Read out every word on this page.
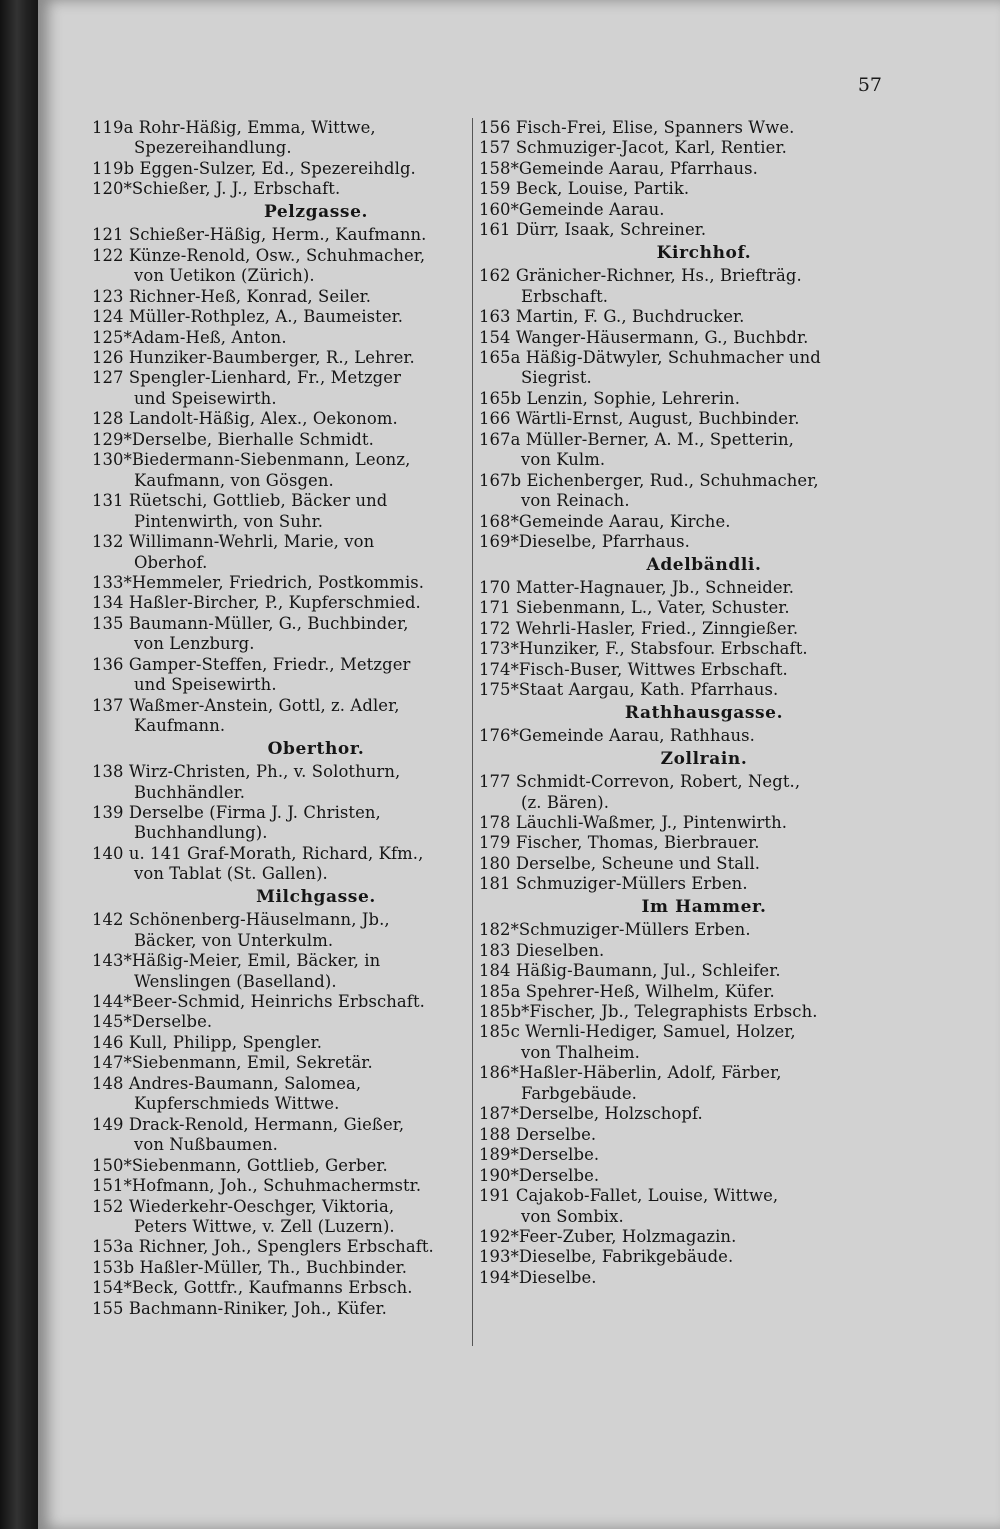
57
119a Rohr-Häßig, Emma, Wittwe,
Spezereihandlung.
119b Eggen-Sulzer, Ed., Spezereihdlg.
120*Schießer, J. J., Erbschaft.
Pelzgasse.
121 Schießer-Häßig, Herm., Kaufmann.
122 Künze-Renold, Osw., Schuhmacher,
von Uetikon (Zürich).
123 Richner-Heß, Konrad, Seiler.
124 Müller-Rothplez, A., Baumeister.
125*Adam-Heß, Anton.
126 Hunziker-Baumberger, R., Lehrer.
127 Spengler-Lienhard, Fr., Metzger
und Speisewirth.
128 Landolt-Häßig, Alex., Oekonom.
129*Derselbe, Bierhalle Schmidt.
130*Biedermann-Siebenmann, Leonz,
Kaufmann, von Gösgen.
131 Rüetschi, Gottlieb, Bäcker und
Pintenwirth, von Suhr.
132 Willimann-Wehrli, Marie, von
Oberhof.
133*Hemmeler, Friedrich, Postkommis.
134 Haßler-Bircher, P., Kupferschmied.
135 Baumann-Müller, G., Buchbinder,
von Lenzburg.
136 Gamper-Steffen, Friedr., Metzger
und Speisewirth.
137 Waßmer-Anstein, Gottl, z. Adler,
Kaufmann.
Oberthor.
138 Wirz-Christen, Ph., v. Solothurn,
Buchhändler.
139 Derselbe (Firma J. J. Christen,
Buchhandlung).
140 u. 141 Graf-Morath, Richard, Kfm.,
von Tablat (St. Gallen).
Milchgasse.
142 Schönenberg-Häuselmann, Jb.,
Bäcker, von Unterkulm.
143*Häßig-Meier, Emil, Bäcker, in
Wenslingen (Baselland).
144*Beer-Schmid, Heinrichs Erbschaft.
145*Derselbe.
146 Kull, Philipp, Spengler.
147*Siebenmann, Emil, Sekretär.
148 Andres-Baumann, Salomea,
Kupferschmieds Wittwe.
149 Drack-Renold, Hermann, Gießer,
von Nußbaumen.
150*Siebenmann, Gottlieb, Gerber.
151*Hofmann, Joh., Schuhmachermstr.
152 Wiederkehr-Oeschger, Viktoria,
Peters Wittwe, v. Zell (Luzern).
153a Richner, Joh., Spenglers Erbschaft.
153b Haßler-Müller, Th., Buchbinder.
154*Beck, Gottfr., Kaufmanns Erbsch.
155 Bachmann-Riniker, Joh., Küfer.
156 Fisch-Frei, Elise, Spanners Wwe.
157 Schmuziger-Jacot, Karl, Rentier.
158*Gemeinde Aarau, Pfarrhaus.
159 Beck, Louise, Partik.
160*Gemeinde Aarau.
161 Dürr, Isaak, Schreiner.
Kirchhof.
162 Gränicher-Richner, Hs., Briefträg.
Erbschaft.
163 Martin, F. G., Buchdrucker.
154 Wanger-Häusermann, G., Buchbdr.
165a Häßig-Dätwyler, Schuhmacher und
Siegrist.
165b Lenzin, Sophie, Lehrerin.
166 Wärtli-Ernst, August, Buchbinder.
167a Müller-Berner, A. M., Spetterin,
von Kulm.
167b Eichenberger, Rud., Schuhmacher,
von Reinach.
168*Gemeinde Aarau, Kirche.
169*Dieselbe, Pfarrhaus.
Adelbändli.
170 Matter-Hagnauer, Jb., Schneider.
171 Siebenmann, L., Vater, Schuster.
172 Wehrli-Hasler, Fried., Zinngießer.
173*Hunziker, F., Stabsfour. Erbschaft.
174*Fisch-Buser, Wittwes Erbschaft.
175*Staat Aargau, Kath. Pfarrhaus.
Rathhausgasse.
176*Gemeinde Aarau, Rathhaus.
Zollrain.
177 Schmidt-Correvon, Robert, Negt.,
(z. Bären).
178 Läuchli-Waßmer, J., Pintenwirth.
179 Fischer, Thomas, Bierbrauer.
180 Derselbe, Scheune und Stall.
181 Schmuziger-Müllers Erben.
Im Hammer.
182*Schmuziger-Müllers Erben.
183 Dieselben.
184 Häßig-Baumann, Jul., Schleifer.
185a Spehrer-Heß, Wilhelm, Küfer.
185b*Fischer, Jb., Telegraphists Erbsch.
185c Wernli-Hediger, Samuel, Holzer,
von Thalheim.
186*Haßler-Häberlin, Adolf, Färber,
Farbgebäude.
187*Derselbe, Holzschopf.
188 Derselbe.
189*Derselbe.
190*Derselbe.
191 Cajakob-Fallet, Louise, Wittwe,
von Sombix.
192*Feer-Zuber, Holzmagazin.
193*Dieselbe, Fabrikgebäude.
194*Dieselbe.
